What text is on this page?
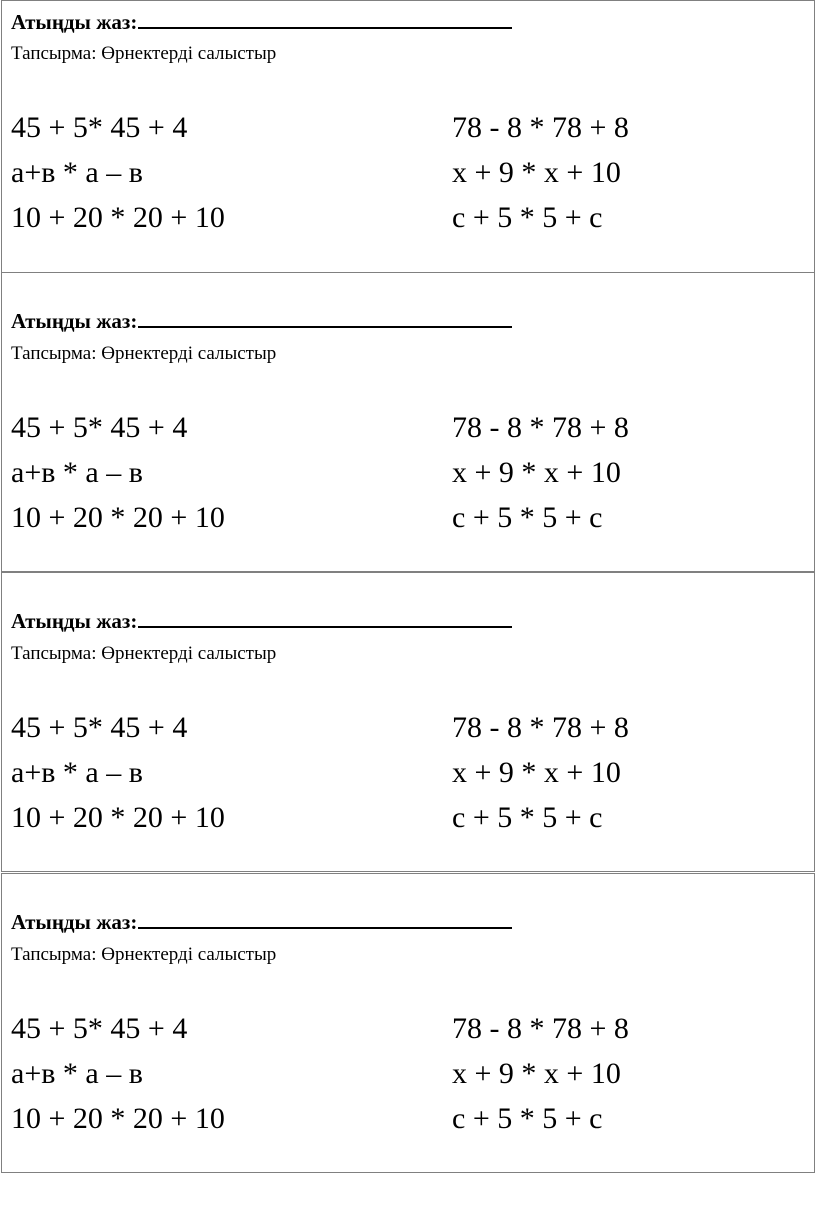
Атыңды жаз:
Тапсырма: Өрнектерді салыстыр
45 + 5* 45 + 4
а+в * а – в
10 + 20 * 20 + 10
78 - 8 * 78 + 8
х + 9 * х + 10
с + 5 * 5 + с
Атыңды жаз:
Тапсырма: Өрнектерді салыстыр
45 + 5* 45 + 4
а+в * а – в
10 + 20 * 20 + 10
78 - 8 * 78 + 8
х + 9 * х + 10
с + 5 * 5 + с
Атыңды жаз:
Тапсырма: Өрнектерді салыстыр
45 + 5* 45 + 4
а+в * а – в
10 + 20 * 20 + 10
78 - 8 * 78 + 8
х + 9 * х + 10
с + 5 * 5 + с
Атыңды жаз:
Тапсырма: Өрнектерді салыстыр
45 + 5* 45 + 4
а+в * а – в
10 + 20 * 20 + 10
78 - 8 * 78 + 8
х + 9 * х + 10
с + 5 * 5 + с
